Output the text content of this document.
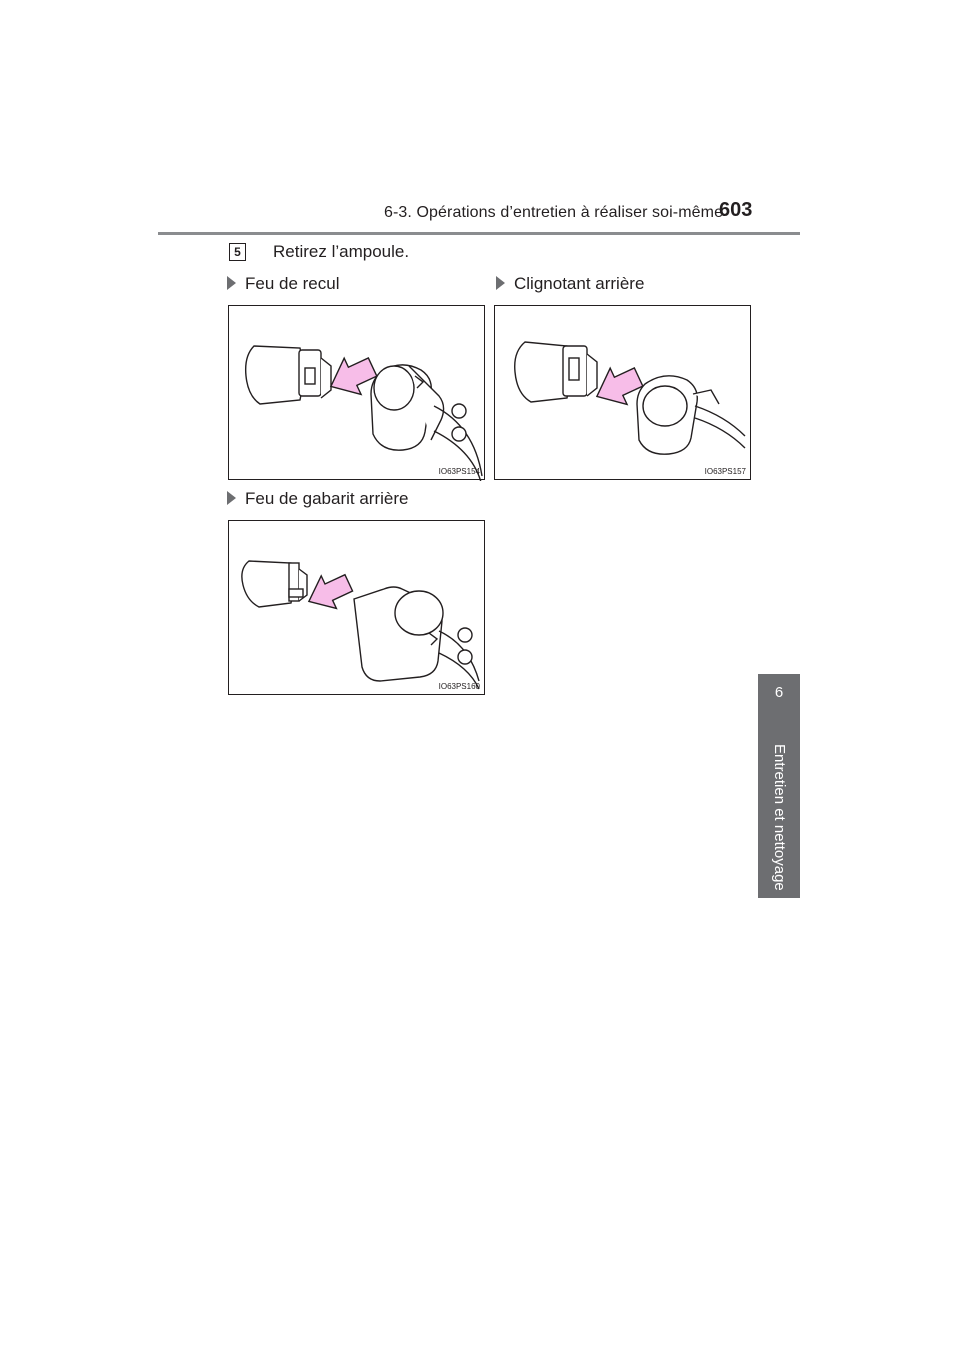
6-3. Opérations d’entretien à réaliser soi-même
603
6
Entretien et nettoyage
5	Retirez l’ampoule.
Feu de recul	Clignotant arrière
IO63PS154	IO63PS157
Feu de gabarit arrière
IO63PS160
